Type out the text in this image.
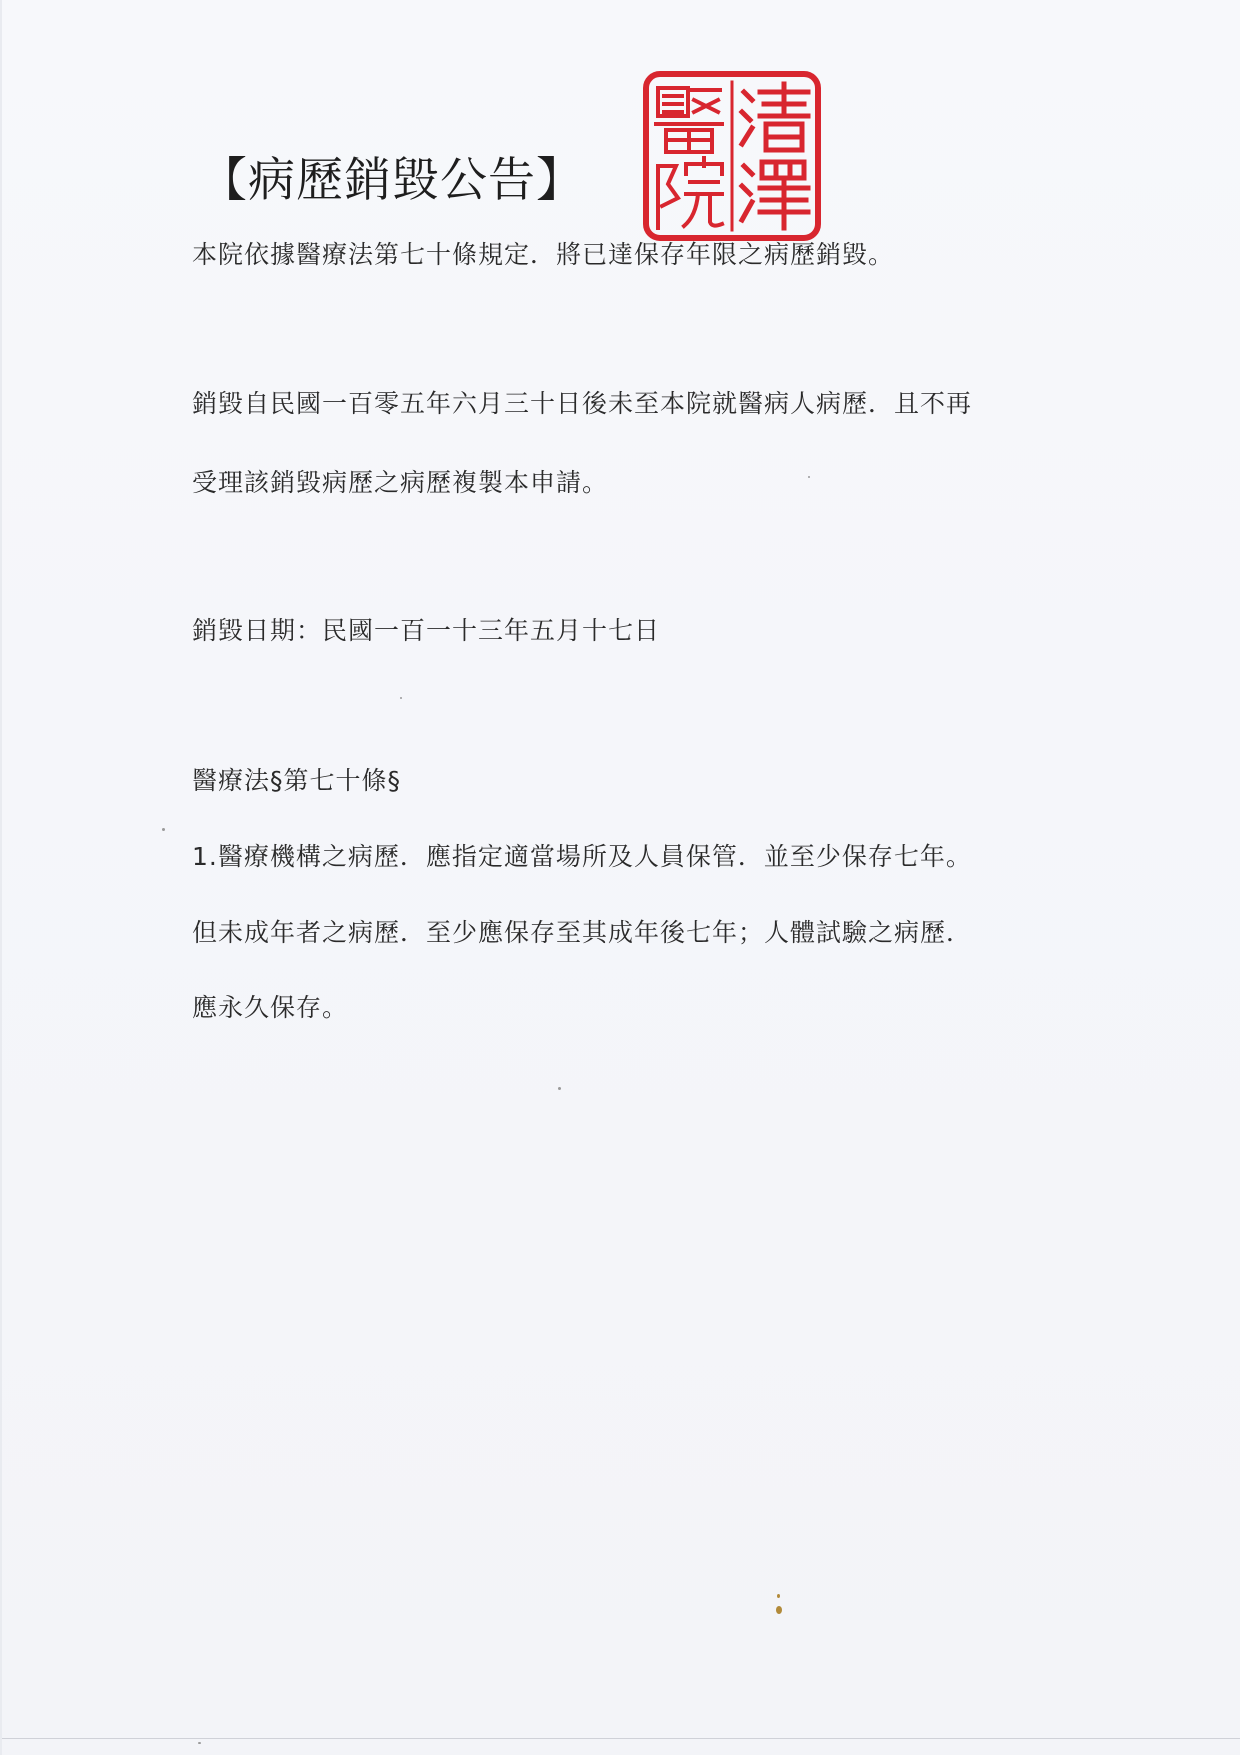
【病歷銷毀公告】
本院依據醫療法第七十條規定．將已達保存年限之病歷銷毀。
銷毀自民國一百零五年六月三十日後未至本院就醫病人病歷．且不再
受理該銷毀病歷之病歷複製本申請。
銷毀日期：民國一百一十三年五月十七日
醫療法§第七十條§
1.醫療機構之病歷．應指定適當場所及人員保管．並至少保存七年。
但未成年者之病歷．至少應保存至其成年後七年；人體試驗之病歷．
應永久保存。
